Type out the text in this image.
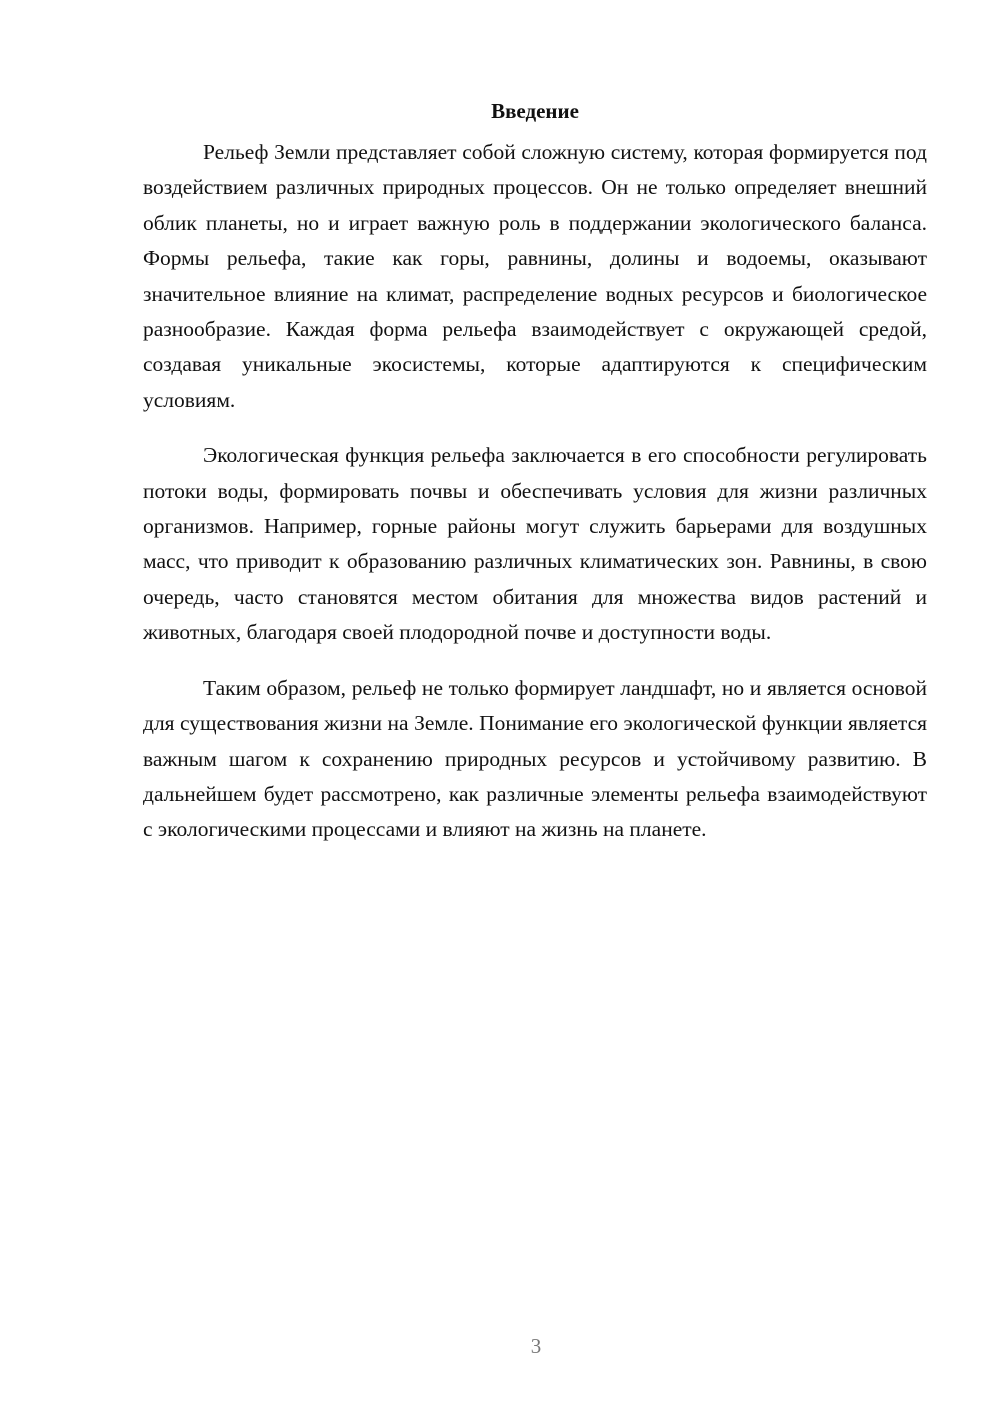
Введение

Рельеф Земли представляет собой сложную систему, которая формируется под воздействием различных природных процессов. Он не только определяет внешний облик планеты, но и играет важную роль в поддержании экологического баланса. Формы рельефа, такие как горы, равнины, долины и водоемы, оказывают значительное влияние на климат, распределение водных ресурсов и биологическое разнообразие. Каждая форма рельефа взаимодействует с окружающей средой, создавая уникальные экосистемы, которые адаптируются к специфическим условиям.

Экологическая функция рельефа заключается в его способности регулировать потоки воды, формировать почвы и обеспечивать условия для жизни различных организмов. Например, горные районы могут служить барьерами для воздушных масс, что приводит к образованию различных климатических зон. Равнины, в свою очередь, часто становятся местом обитания для множества видов растений и животных, благодаря своей плодородной почве и доступности воды.

Таким образом, рельеф не только формирует ландшафт, но и является основой для существования жизни на Земле. Понимание его экологической функции является важным шагом к сохранению природных ресурсов и устойчивому развитию. В дальнейшем будет рассмотрено, как различные элементы рельефа взаимодействуют с экологическими процессами и влияют на жизнь на планете.

3
